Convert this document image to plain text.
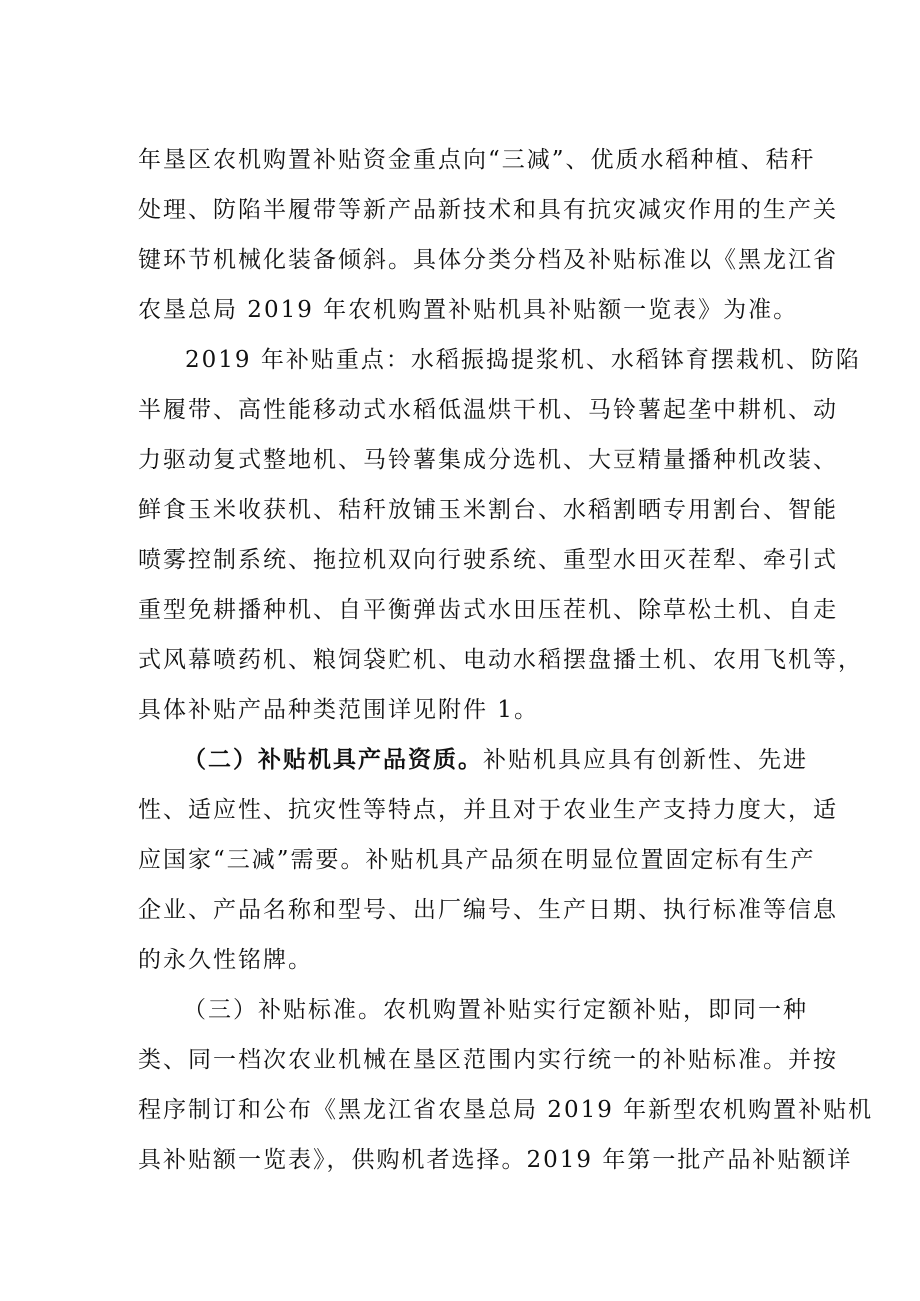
年垦区农机购置补贴资金重点向“三减”、优质水稻种植、秸秆
处理、防陷半履带等新产品新技术和具有抗灾减灾作用的生产关
键环节机械化装备倾斜。具体分类分档及补贴标准以《黑龙江省
农垦总局 2019 年农机购置补贴机具补贴额一览表》为准。
2019 年补贴重点：水稻振捣提浆机、水稻钵育摆栽机、防陷
半履带、高性能移动式水稻低温烘干机、马铃薯起垄中耕机、动
力驱动复式整地机、马铃薯集成分选机、大豆精量播种机改装、
鲜食玉米收获机、秸秆放铺玉米割台、水稻割晒专用割台、智能
喷雾控制系统、拖拉机双向行驶系统、重型水田灭茬犁、牵引式
重型免耕播种机、自平衡弹齿式水田压茬机、除草松土机、自走
式风幕喷药机、粮饲袋贮机、电动水稻摆盘播土机、农用飞机等，
具体补贴产品种类范围详见附件 1。
（二）补贴机具产品资质。补贴机具应具有创新性、先进
性、适应性、抗灾性等特点，并且对于农业生产支持力度大，适
应国家“三减”需要。补贴机具产品须在明显位置固定标有生产
企业、产品名称和型号、出厂编号、生产日期、执行标准等信息
的永久性铭牌。
（三）补贴标准。农机购置补贴实行定额补贴，即同一种
类、同一档次农业机械在垦区范围内实行统一的补贴标准。并按
程序制订和公布《黑龙江省农垦总局 2019 年新型农机购置补贴机
具补贴额一览表》，供购机者选择。2019 年第一批产品补贴额详
